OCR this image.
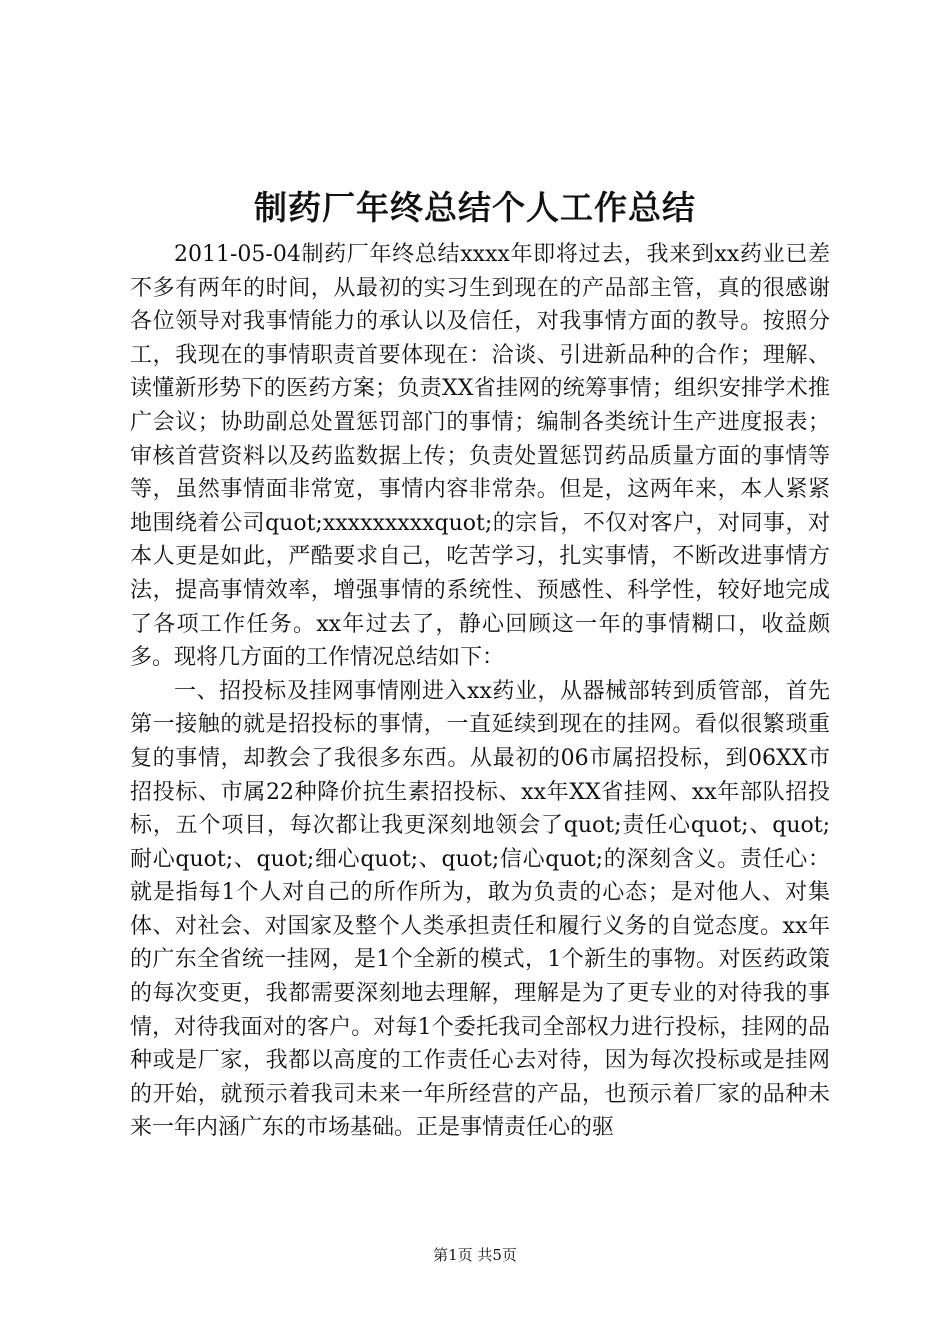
制药厂年终总结个人工作总结

2011-05-04制药厂年终总结xxxx年即将过去，我来到xx药业已差不多有两年的时间，从最初的实习生到现在的产品部主管，真的很感谢各位领导对我事情能力的承认以及信任，对我事情方面的教导。按照分工，我现在的事情职责首要体现在：洽谈、引进新品种的合作；理解、读懂新形势下的医药方案；负责XX省挂网的统筹事情；组织安排学术推广会议；协助副总处置惩罚部门的事情；编制各类统计生产进度报表；审核首营资料以及药监数据上传；负责处置惩罚药品质量方面的事情等等，虽然事情面非常宽，事情内容非常杂。但是，这两年来，本人紧紧地围绕着公司quot;xxxxxxxxxquot;的宗旨，不仅对客户，对同事，对本人更是如此，严酷要求自己，吃苦学习，扎实事情，不断改进事情方法，提高事情效率，增强事情的系统性、预感性、科学性，较好地完成了各项工作任务。xx年过去了，静心回顾这一年的事情糊口，收益颇多。现将几方面的工作情况总结如下：

一、招投标及挂网事情刚进入xx药业，从器械部转到质管部，首先第一接触的就是招投标的事情，一直延续到现在的挂网。看似很繁琐重复的事情，却教会了我很多东西。从最初的06市属招投标，到06XX市招投标、市属22种降价抗生素招投标、xx年XX省挂网、xx年部队招投标，五个项目，每次都让我更深刻地领会了quot;责任心quot;、quot;耐心quot;、quot;细心quot;、quot;信心quot;的深刻含义。责任心：就是指每1个人对自己的所作所为，敢为负责的心态；是对他人、对集体、对社会、对国家及整个人类承担责任和履行义务的自觉态度。xx年的广东全省统一挂网，是1个全新的模式，1个新生的事物。对医药政策的每次变更，我都需要深刻地去理解，理解是为了更专业的对待我的事情，对待我面对的客户。对每1个委托我司全部权力进行投标，挂网的品种或是厂家，我都以高度的工作责任心去对待，因为每次投标或是挂网的开始，就预示着我司未来一年所经营的产品，也预示着厂家的品种未来一年内涵广东的市场基础。正是事情责任心的驱

第1页 共5页
